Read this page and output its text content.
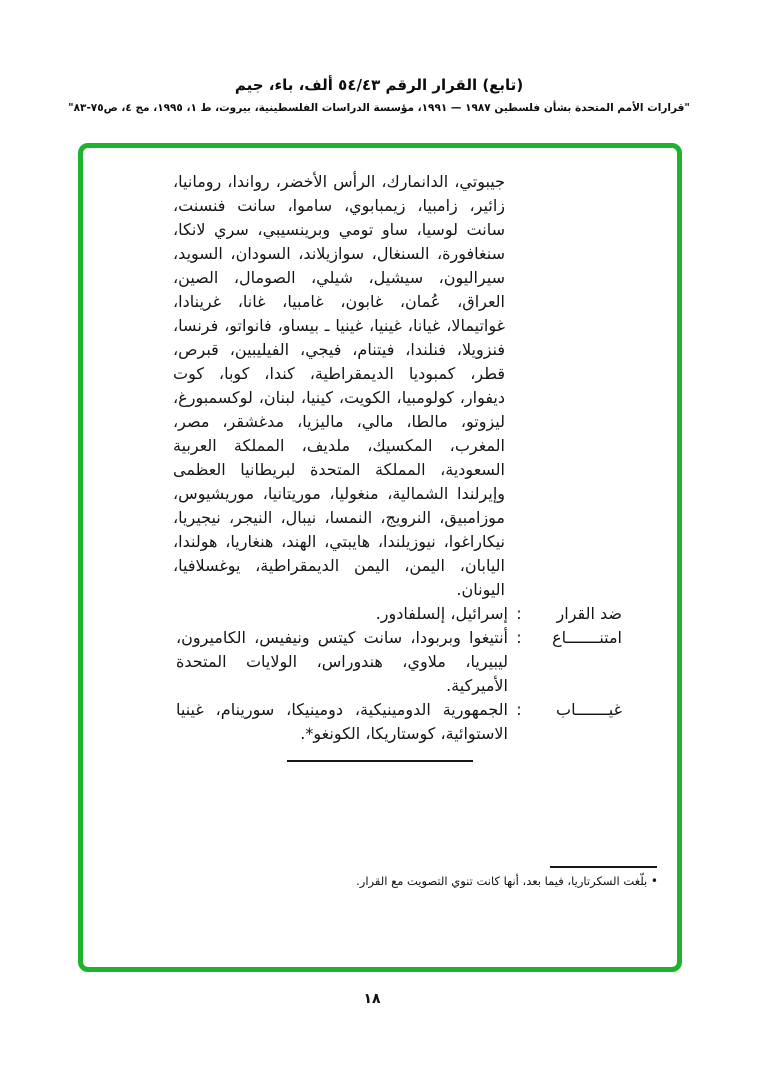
(تابع) القرار الرقم ٥٤/٤٣ ألف، باء، جيم
"قرارات الأمم المتحدة بشأن فلسطين ١٩٨٧ — ١٩٩١، مؤسسة الدراسات الفلسطينية، بيروت، ط ١، ١٩٩٥، مج ٤، ص٧٥-٨٣"

جيبوتي، الدانمارك، الرأس الأخضر، رواندا، رومانيا، زائير، زامبيا، زيمبابوي، ساموا، سانت فنسنت، سانت لوسيا، ساو تومي وبرينسيبي، سري لانكا، سنغافورة، السنغال، سوازيلاند، السودان، السويد، سيراليون، سيشيل، شيلي، الصومال، الصين، العراق، عُمان، غابون، غامبيا، غانا، غرينادا، غواتيمالا، غيانا، غينيا، غينيا ـ بيساو، فانواتو، فرنسا، فنزويلا، فنلندا، فيتنام، فيجي، الفيليبين، قبرص، قطر، كمبوديا الديمقراطية، كندا، كوبا، كوت ديفوار، كولومبيا، الكويت، كينيا، لبنان، لوكسمبورغ، ليزوتو، مالطا، مالي، ماليزيا، مدغشقر، مصر، المغرب، المكسيك، ملديف، المملكة العربية السعودية، المملكة المتحدة لبريطانيا العظمى وإيرلندا الشمالية، منغوليا، موريتانيا، موريشيوس، موزامبيق، النرويج، النمسا، نيبال، النيجر، نيجيريا، نيكاراغوا، نيوزيلندا، هايبتي، الهند، هنغاريا، هولندا، اليابان، اليمن، اليمن الديمقراطية، يوغسلافيا، اليونان.

ضد القرار
:
إسرائيل، إلسلفادور.
امتنـــــــاع
:
أنتيغوا وبربودا، سانت كيتس ونيفيس، الكاميرون، ليبيريا، ملاوي، هندوراس، الولايات المتحدة الأميركية.
غيـــــــاب
:
الجمهورية الدومينيكية، دومينيكا، سورينام، غينيا الاستوائية، كوستاريكا، الكونغو*.

• بلّغت السكرتاريا، فيما بعد، أنها كانت تنوي التصويت مع القرار.

١٨
